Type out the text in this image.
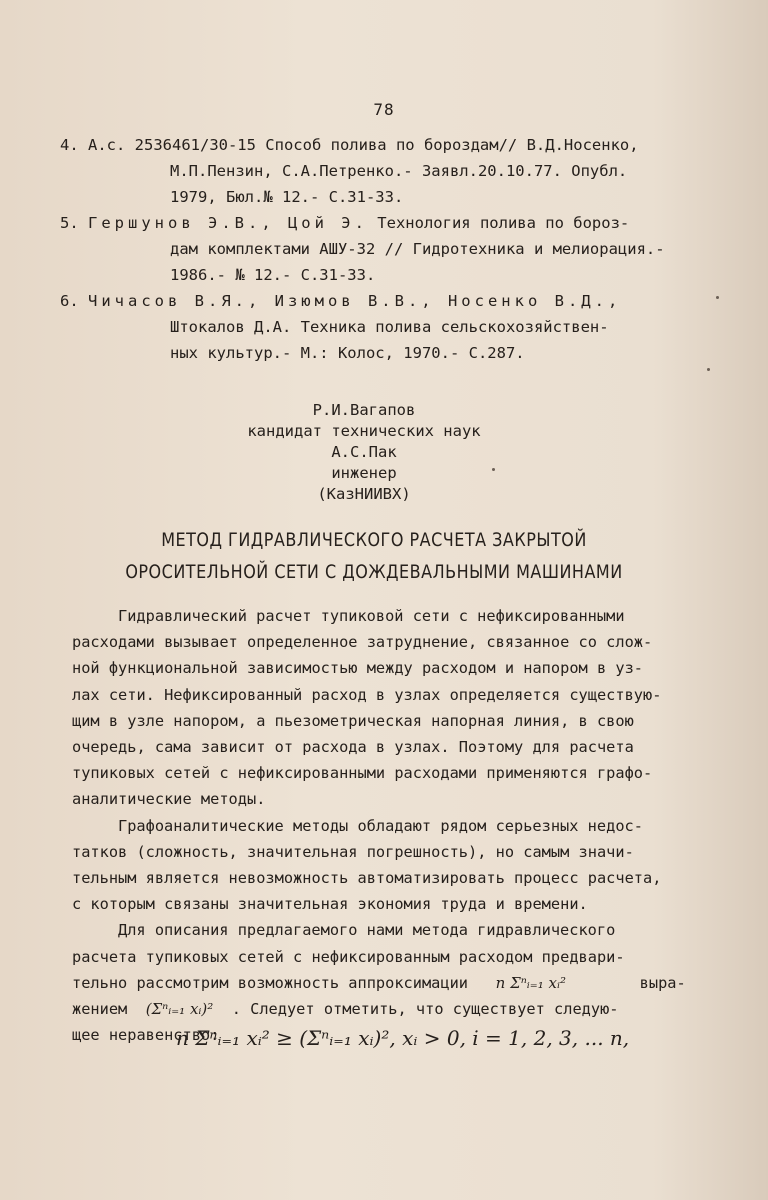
78
4. А.с. 2536461/30-15 Способ полива по бороздам// В.Д.Носенко,
М.П.Пензин, С.А.Петренко.- Заявл.20.10.77. Опубл.
1979, Бюл.№ 12.- С.31-33.
5. Гершунов Э.В., Цой Э. Технология полива по бороз-
дам комплектами АШУ-32 // Гидротехника и мелиорация.-
1986.- № 12.- С.31-33.
6. Чичасов В.Я., Изюмов В.В., Носенко В.Д.,
Штокалов Д.А. Техника полива сельскохозяйствен-
ных культур.- М.: Колос, 1970.- С.287.
Р.И.Вагапов
кандидат технических наук
А.С.Пак
инженер
(КазНИИВХ)
МЕТОД ГИДРАВЛИЧЕСКОГО РАСЧЕТА ЗАКРЫТОЙ
ОРОСИТЕЛЬНОЙ СЕТИ С ДОЖДЕВАЛЬНЫМИ МАШИНАМИ

Гидравлический расчет тупиковой сети с нефиксированными
расходами вызывает определенное затруднение, связанное со слож-
ной функциональной зависимостью между расходом и напором в уз-
лах сети. Нефиксированный расход в узлах определяется существую-
щим в узле напором, а пьезометрическая напорная линия, в свою
очередь, сама зависит от расхода в узлах. Поэтому для расчета
тупиковых сетей с нефиксированными расходами применяются графо-
аналитические методы.

Графоаналитические методы обладают рядом серьезных недос-
татков (сложность, значительная погрешность), но самым значи-
тельным является невозможность автоматизировать процесс расчета,
с которым связаны значительная экономия труда и времени.

Для описания предлагаемого нами метода гидравлического
расчета тупиковых сетей с нефиксированным расходом предвари-
тельно рассмотрим возможность аппроксимации n Σⁿᵢ₌₁ xᵢ²	выра-
жением (Σⁿᵢ₌₁ xᵢ)² . Следует отметить, что существует следую-
щее неравенство:

n Σⁿᵢ₌₁ xᵢ² ≥ (Σⁿᵢ₌₁ xᵢ)², xᵢ > 0, i = 1, 2, 3, ... n,
